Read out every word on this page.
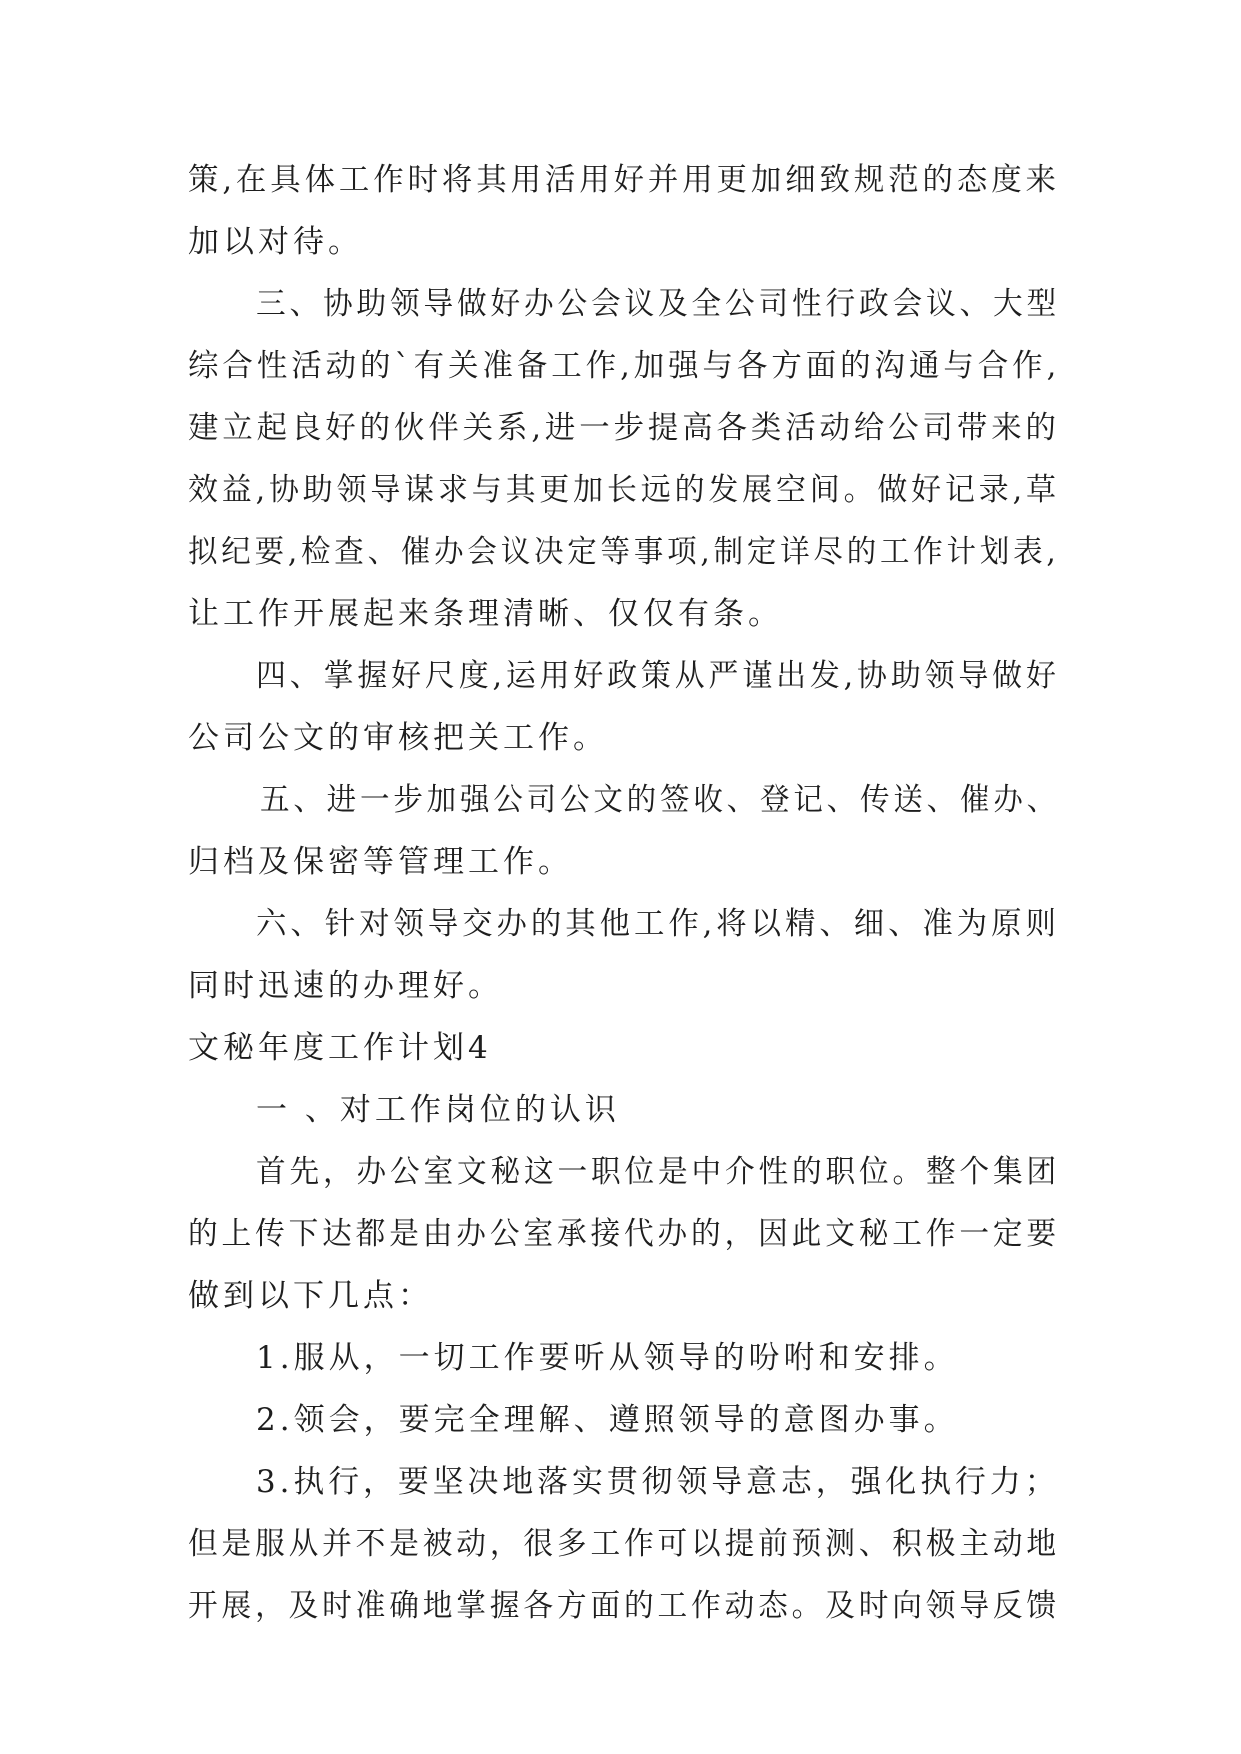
策,在具体工作时将其用活用好并用更加细致规范的态度来
加以对待。
三、协助领导做好办公会议及全公司性行政会议、大型
综合性活动的`有关准备工作,加强与各方面的沟通与合作,
建立起良好的伙伴关系,进一步提高各类活动给公司带来的
效益,协助领导谋求与其更加长远的发展空间。做好记录,草
拟纪要,检查、催办会议决定等事项,制定详尽的工作计划表,
让工作开展起来条理清晰、仅仅有条。
四、掌握好尺度,运用好政策从严谨出发,协助领导做好
公司公文的审核把关工作。
五、进一步加强公司公文的签收、登记、传送、催办、
归档及保密等管理工作。
六、针对领导交办的其他工作,将以精、细、准为原则
同时迅速的办理好。
文秘年度工作计划4
一 、对工作岗位的认识
首先，办公室文秘这一职位是中介性的职位。整个集团
的上传下达都是由办公室承接代办的，因此文秘工作一定要
做到以下几点：
1.服从，一切工作要听从领导的吩咐和安排。
2.领会，要完全理解、遵照领导的意图办事。
3.执行，要坚决地落实贯彻领导意志，强化执行力；
但是服从并不是被动，很多工作可以提前预测、积极主动地
开展，及时准确地掌握各方面的工作动态。及时向领导反馈
